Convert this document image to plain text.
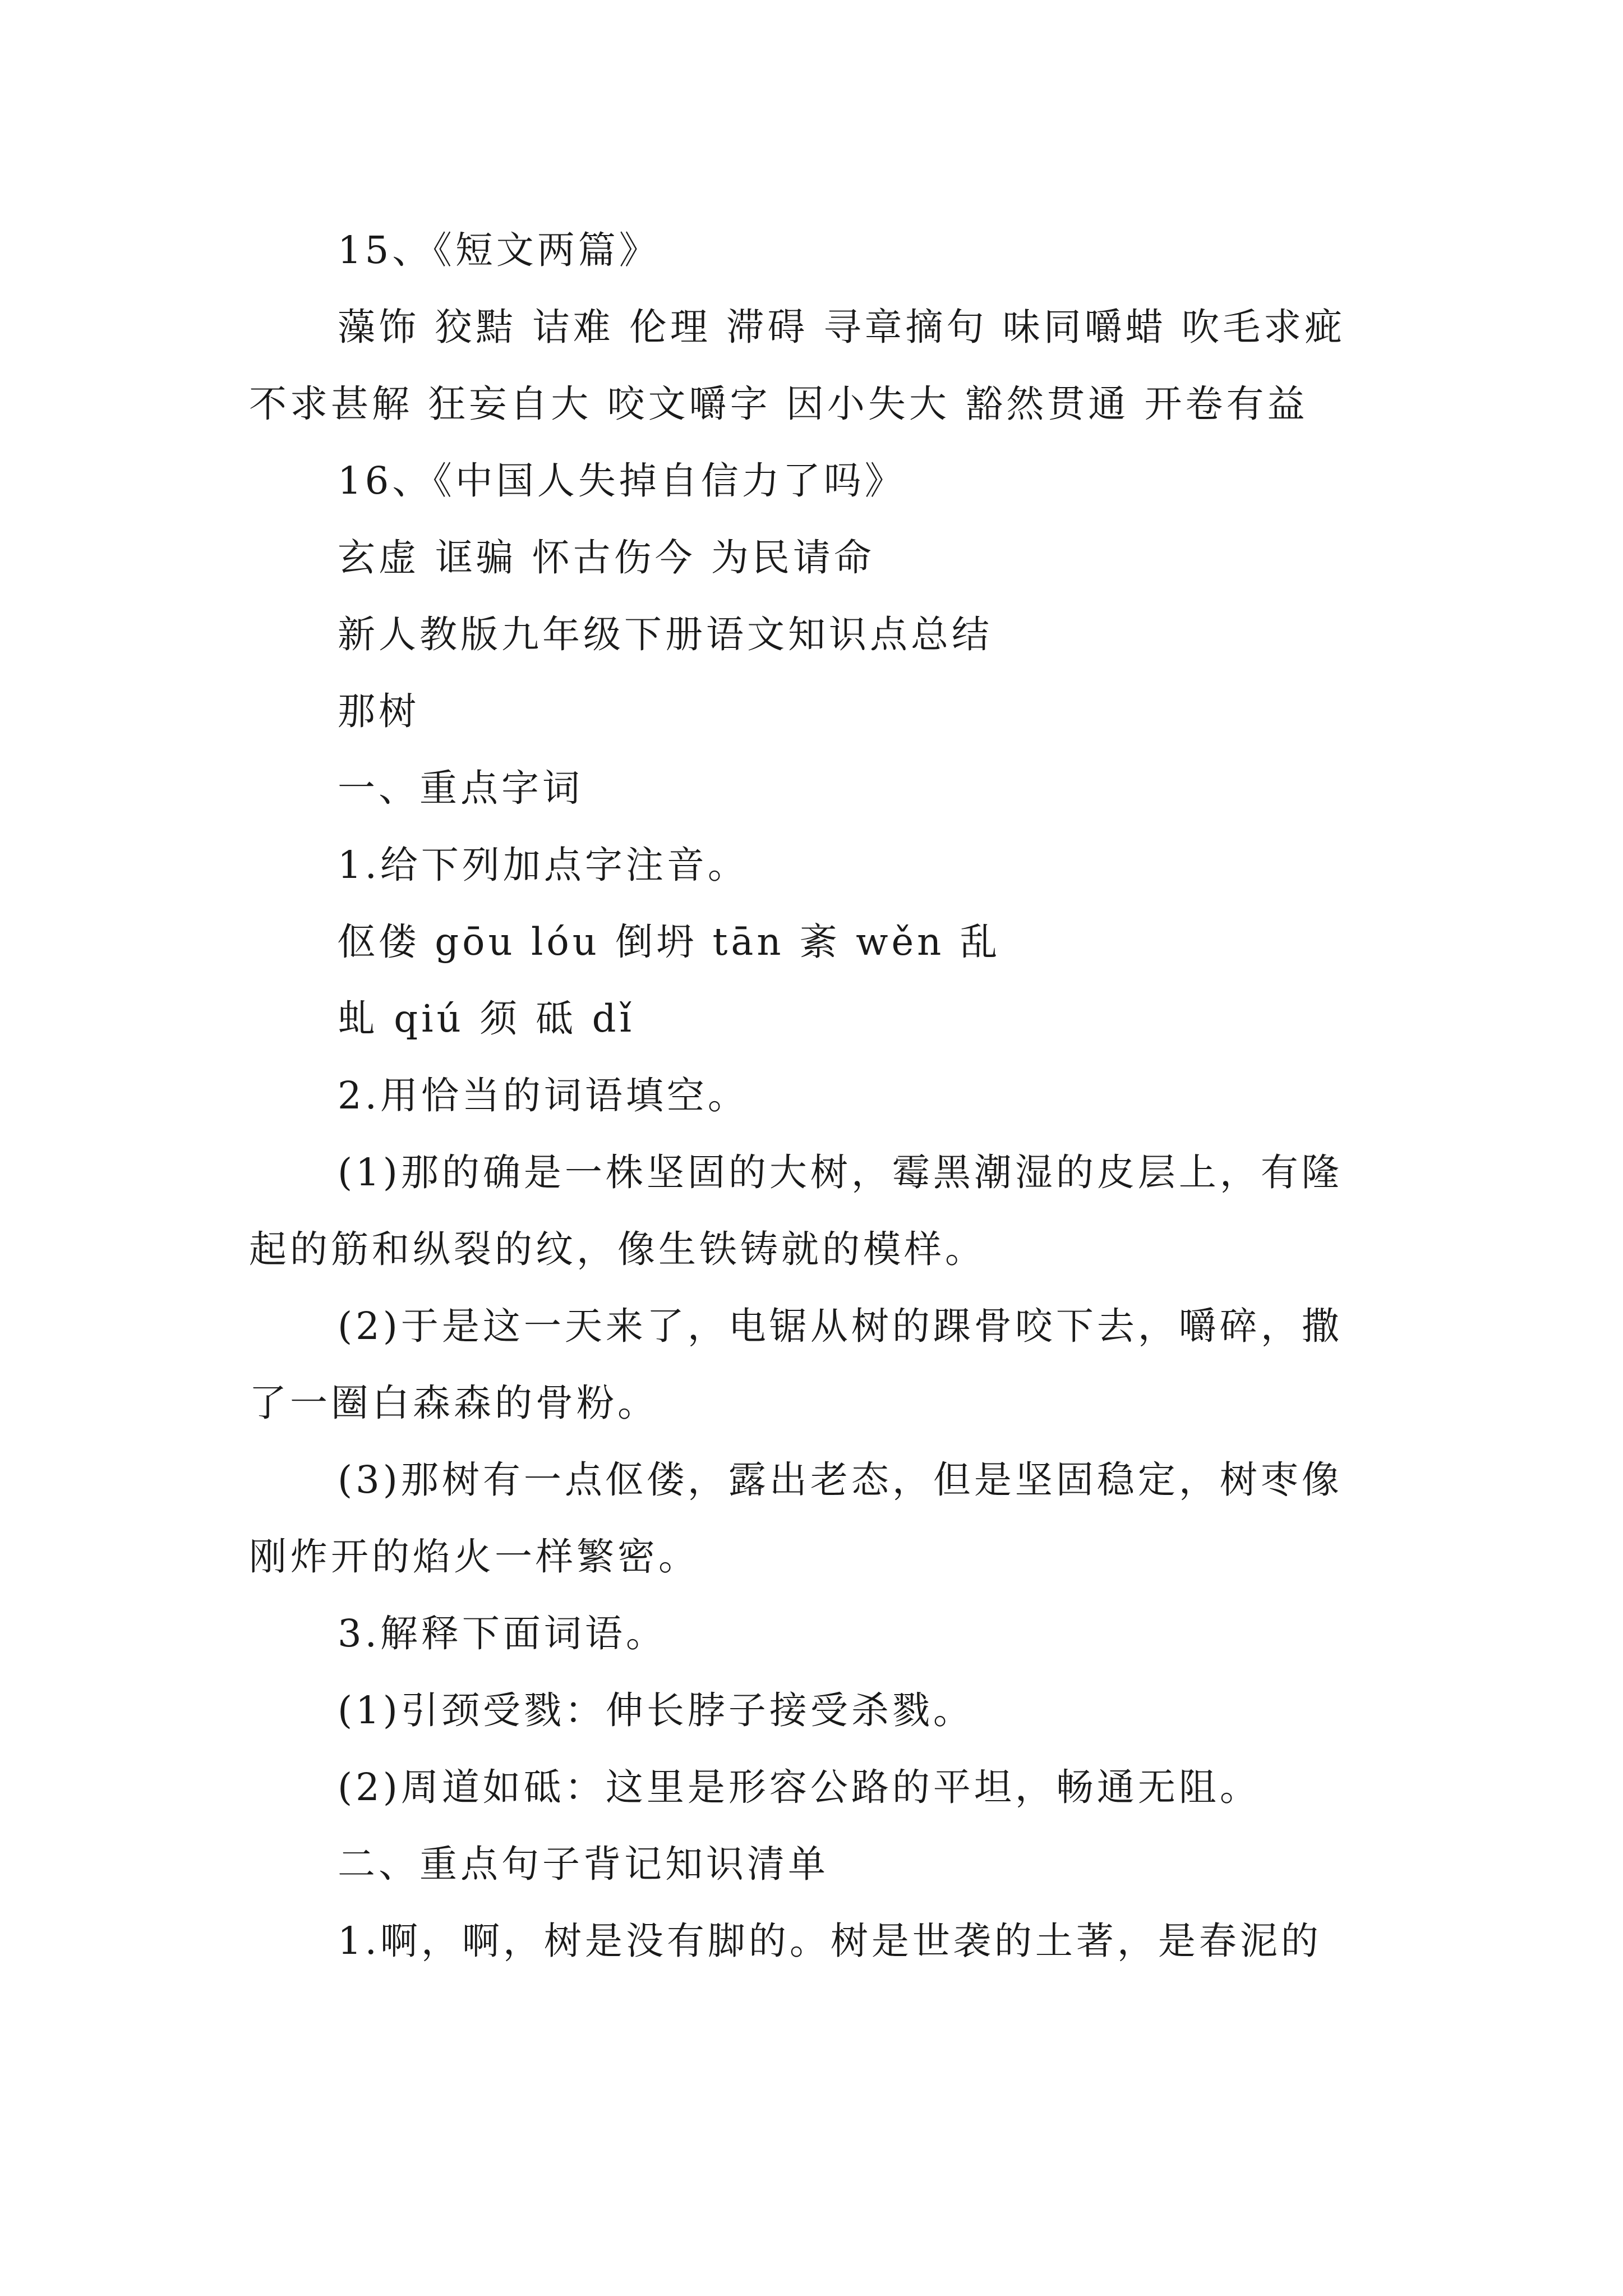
15、《短文两篇》

藻饰 狡黠 诘难 伦理 滞碍 寻章摘句 味同嚼蜡 吹毛求疵 不求甚解 狂妄自大 咬文嚼字 因小失大 豁然贯通 开卷有益

16、《中国人失掉自信力了吗》

玄虚 诓骗 怀古伤今 为民请命

新人教版九年级下册语文知识点总结

那树

一、重点字词

1.给下列加点字注音。

伛偻 gōu lóu 倒坍 tān 紊 wěn 乱

虬 qiú 须 砥 dǐ

2.用恰当的词语填空。

(1)那的确是一株坚固的大树，霉黑潮湿的皮层上，有隆起的筋和纵裂的纹，像生铁铸就的模样。

(2)于是这一天来了，电锯从树的踝骨咬下去，嚼碎，撒了一圈白森森的骨粉。

(3)那树有一点伛偻，露出老态，但是坚固稳定，树枣像刚炸开的焰火一样繁密。

3.解释下面词语。

(1)引颈受戮：伸长脖子接受杀戮。

(2)周道如砥：这里是形容公路的平坦，畅通无阻。

二、重点句子背记知识清单

1.啊，啊，树是没有脚的。树是世袭的土著，是春泥的
